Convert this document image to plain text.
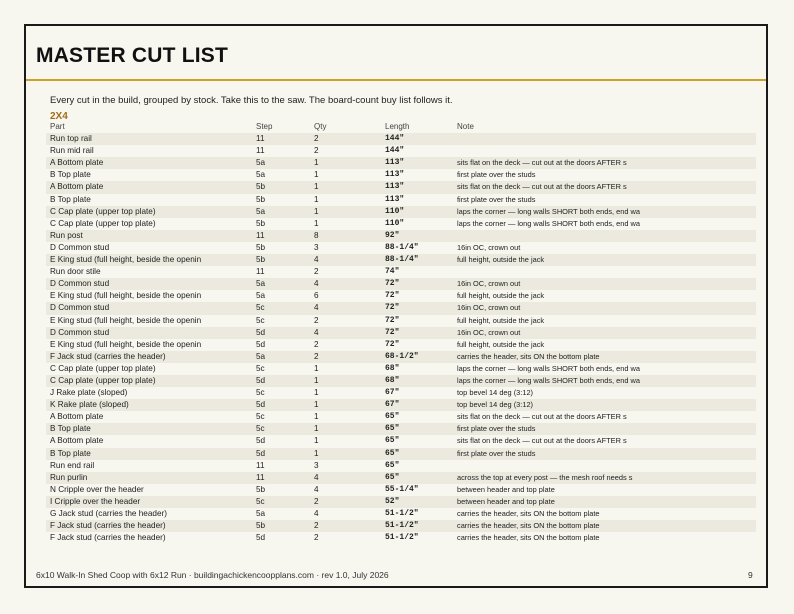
MASTER CUT LIST
Every cut in the build, grouped by stock. Take this to the saw. The board-count buy list follows it.
2X4
Part	Step	Qty	Length	Note
Run top rail	11	2	144"
Run mid rail	11	2	144"
A Bottom plate	5a	1	113"	sits flat on the deck — cut out at the doors AFTER s
B Top plate	5a	1	113"	first plate over the studs
A Bottom plate	5b	1	113"	sits flat on the deck — cut out at the doors AFTER s
B Top plate	5b	1	113"	first plate over the studs
C Cap plate (upper top plate)	5a	1	110"	laps the corner — long walls SHORT both ends, end wa
C Cap plate (upper top plate)	5b	1	110"	laps the corner — long walls SHORT both ends, end wa
Run post	11	8	92"
D Common stud	5b	3	88-1/4"	16in OC, crown out
E King stud (full height, beside the openin	5b	4	88-1/4"	full height, outside the jack
Run door stile	11	2	74"
D Common stud	5a	4	72"	16in OC, crown out
E King stud (full height, beside the openin	5a	6	72"	full height, outside the jack
D Common stud	5c	4	72"	16in OC, crown out
E King stud (full height, beside the openin	5c	2	72"	full height, outside the jack
D Common stud	5d	4	72"	16in OC, crown out
E King stud (full height, beside the openin	5d	2	72"	full height, outside the jack
F Jack stud (carries the header)	5a	2	68-1/2"	carries the header, sits ON the bottom plate
C Cap plate (upper top plate)	5c	1	68"	laps the corner — long walls SHORT both ends, end wa
C Cap plate (upper top plate)	5d	1	68"	laps the corner — long walls SHORT both ends, end wa
J Rake plate (sloped)	5c	1	67"	top bevel 14 deg (3:12)
K Rake plate (sloped)	5d	1	67"	top bevel 14 deg (3:12)
A Bottom plate	5c	1	65"	sits flat on the deck — cut out at the doors AFTER s
B Top plate	5c	1	65"	first plate over the studs
A Bottom plate	5d	1	65"	sits flat on the deck — cut out at the doors AFTER s
B Top plate	5d	1	65"	first plate over the studs
Run end rail	11	3	65"
Run purlin	11	4	65"	across the top at every post — the mesh roof needs s
N Cripple over the header	5b	4	55-1/4"	between header and top plate
I Cripple over the header	5c	2	52"	between header and top plate
G Jack stud (carries the header)	5a	4	51-1/2"	carries the header, sits ON the bottom plate
F Jack stud (carries the header)	5b	2	51-1/2"	carries the header, sits ON the bottom plate
F Jack stud (carries the header)	5d	2	51-1/2"	carries the header, sits ON the bottom plate
6x10 Walk-In Shed Coop with 6x12 Run · buildingachickencoopplans.com · rev 1.0, July 2026	9
